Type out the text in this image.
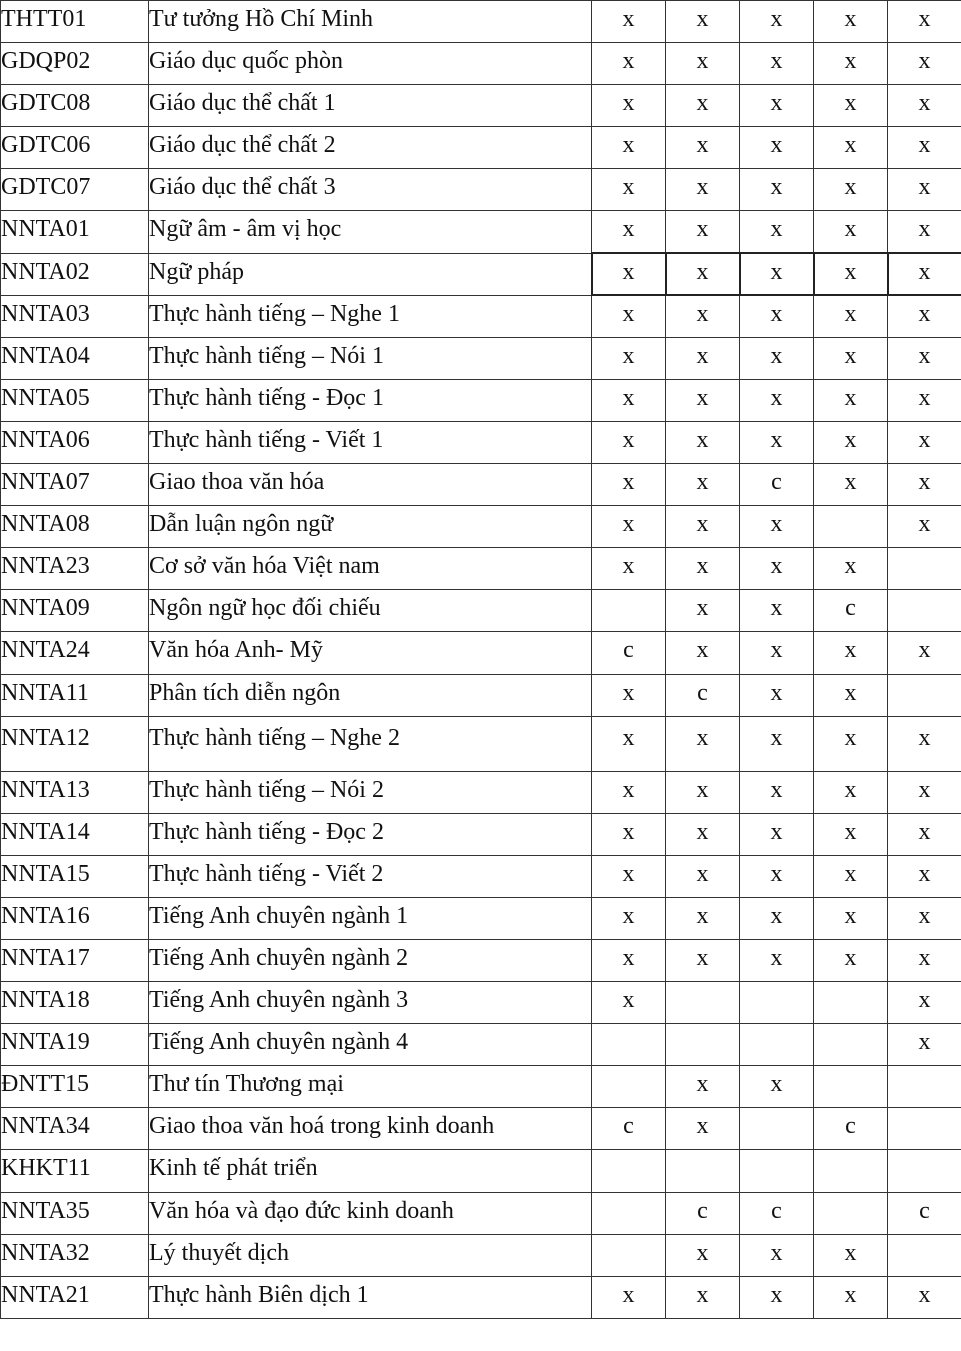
THTT01	Tư tưởng Hồ Chí Minh	x	x	x	x	x
GDQP02	Giáo dục quốc phòn	x	x	x	x	x
GDTC08	Giáo dục thể chất 1	x	x	x	x	x
GDTC06	Giáo dục thể chất 2	x	x	x	x	x
GDTC07	Giáo dục thể chất 3	x	x	x	x	x
NNTA01	Ngữ âm - âm vị học	x	x	x	x	x
NNTA02	Ngữ pháp	x	x	x	x	x
NNTA03	Thực hành tiếng – Nghe 1	x	x	x	x	x
NNTA04	Thực hành tiếng – Nói 1	x	x	x	x	x
NNTA05	Thực hành tiếng - Đọc 1	x	x	x	x	x
NNTA06	Thực hành tiếng - Viết 1	x	x	x	x	x
NNTA07	Giao thoa văn hóa	x	x	c	x	x
NNTA08	Dẫn luận ngôn ngữ	x	x	x		x
NNTA23	Cơ sở văn hóa Việt nam	x	x	x	x	
NNTA09	Ngôn ngữ học đối chiếu		x	x	c	
NNTA24	Văn hóa Anh- Mỹ	c	x	x	x	x
NNTA11	Phân tích diễn ngôn	x	c	x	x	
NNTA12	Thực hành tiếng – Nghe 2	x	x	x	x	x
NNTA13	Thực hành tiếng – Nói 2	x	x	x	x	x
NNTA14	Thực hành tiếng - Đọc 2	x	x	x	x	x
NNTA15	Thực hành tiếng - Viết 2	x	x	x	x	x
NNTA16	Tiếng Anh chuyên ngành 1	x	x	x	x	x
NNTA17	Tiếng Anh chuyên ngành 2	x	x	x	x	x
NNTA18	Tiếng Anh chuyên ngành 3	x				x
NNTA19	Tiếng Anh chuyên ngành 4					x
ĐNTT15	Thư tín Thương mại		x	x		
NNTA34	Giao thoa văn hoá trong kinh doanh	c	x		c	
KHKT11	Kinh tế phát triển					
NNTA35	Văn hóa và đạo đức kinh doanh		c	c		c
NNTA32	Lý thuyết dịch		x	x	x	
NNTA21	Thực hành Biên dịch 1	x	x	x	x	x
